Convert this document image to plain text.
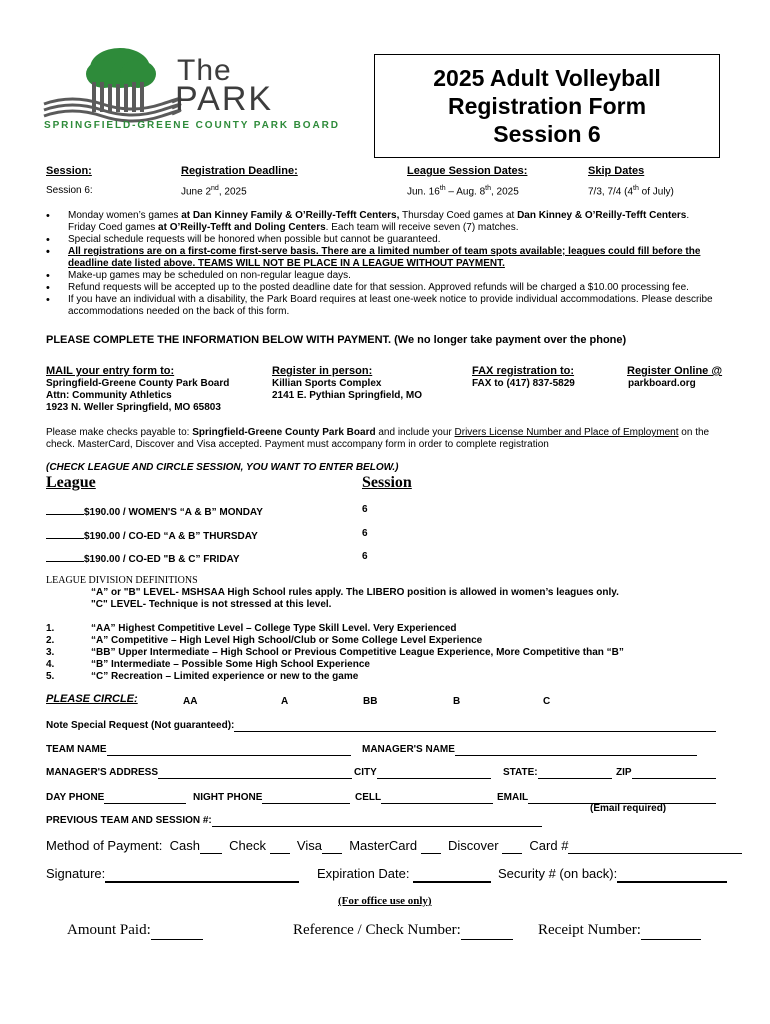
The
PARK
SPRINGFIELD-GREENE COUNTY PARK BOARD
2025 Adult Volleyball
Registration Form
Session 6
Session:	Registration Deadline:	League Session Dates:	Skip Dates
Session 6:	June 2nd, 2025	Jun. 16th – Aug. 8th, 2025	7/3, 7/4 (4th of July)
• Monday women’s games at Dan Kinney Family & O’Reilly-Tefft Centers, Thursday Coed games at Dan Kinney & O’Reilly-Tefft Centers.
Friday Coed games at O’Reilly-Tefft and Doling Centers. Each team will receive seven (7) matches.
• Special schedule requests will be honored when possible but cannot be guaranteed.
• All registrations are on a first-come first-serve basis. There are a limited number of team spots available; leagues could fill before the
deadline date listed above. TEAMS WILL NOT BE PLACE IN A LEAGUE WITHOUT PAYMENT.
• Make-up games may be scheduled on non-regular league days.
• Refund requests will be accepted up to the posted deadline date for that session. Approved refunds will be charged a $10.00 processing fee.
• If you have an individual with a disability, the Park Board requires at least one-week notice to provide individual accommodations. Please describe
accommodations needed on the back of this form.
PLEASE COMPLETE THE INFORMATION BELOW WITH PAYMENT. (We no longer take payment over the phone)
MAIL your entry form to:
Springfield-Greene County Park Board
Attn: Community Athletics
1923 N. Weller Springfield, MO 65803
Register in person:
Killian Sports Complex
2141 E. Pythian Springfield, MO
FAX registration to:
FAX to (417) 837-5829
Register Online @
parkboard.org
Please make checks payable to: Springfield-Greene County Park Board and include your Drivers License Number and Place of Employment on the
check. MasterCard, Discover and Visa accepted. Payment must accompany form in order to complete registration
(CHECK LEAGUE AND CIRCLE SESSION, YOU WANT TO ENTER BELOW.)
League	Session
$190.00 / WOMEN'S “A & B” MONDAY	6
$190.00 / CO-ED “A & B” THURSDAY	6
$190.00 / CO-ED "B & C” FRIDAY	6
LEAGUE DIVISION DEFINITIONS
“A” or "B" LEVEL- MSHSAA High School rules apply. The LIBERO position is allowed in women’s leagues only.
"C" LEVEL- Technique is not stressed at this level.
1.
2.
3.
4.
5.
“AA” Highest Competitive Level – College Type Skill Level. Very Experienced
“A” Competitive – High Level High School/Club or Some College Level Experience
“BB” Upper Intermediate – High School or Previous Competitive League Experience, More Competitive than “B”
“B” Intermediate – Possible Some High School Experience
“C” Recreation – Limited experience or new to the game
PLEASE CIRCLE:	AA	A	BB	B	C
Note Special Request (Not guaranteed):
TEAM NAME	MANAGER'S NAME
MANAGER'S ADDRESS	CITY	STATE:	ZIP
DAY PHONE	NIGHT PHONE	CELL	EMAIL
(Email required)
PREVIOUS TEAM AND SESSION #:
Method of Payment: Cash Check Visa MasterCard Discover Card #
Signature:	Expiration Date:	Security # (on back):
(For office use only)
Amount Paid:	Reference / Check Number:	Receipt Number:
